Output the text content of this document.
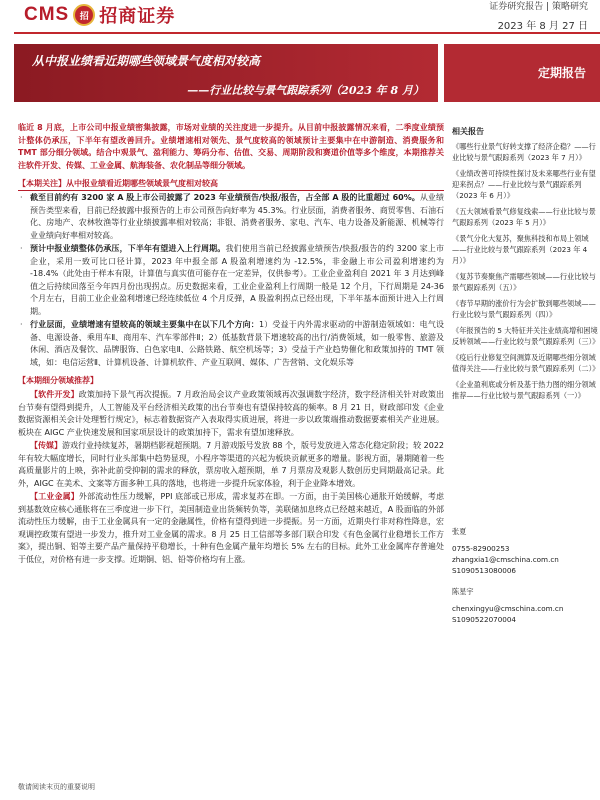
CMS	招 招商证券	证券研究报告 | 策略研究
2023 年 8 月 27 日
从中报业绩看近期哪些领域景气度相对较高
——行业比较与景气跟踪系列（2023 年 8 月）
定期报告
临近 8 月底，上市公司中报业绩密集披露，市场对业绩的关注度进一步提升。从目前中报披露情况来看，二季度业绩预计整体仍承压，下半年有望改善回升。业绩增速相对领先、景气度较高的领域预计主要集中在中游制造、消费服务和 TMT 部分细分领域。结合中观景气、盈利能力、筹码分布、估值、交易、周期阶段和赛道价值等多个维度，本期推荐关注软件开发、传媒、工业金属、航海装备、农化制品等细分领域。
【本期关注】从中报业绩看近期哪些领域景气度相对较高
· 截至目前约有 3200 家 A 股上市公司披露了 2023 年业绩预告/快报/报告，占全部 A 股的比重超过 60%。从业绩预告类型来看，目前已经披露中报预告的上市公司预告向好率为 45.3%。行业层面，消费者服务、商贸零售、石油石化、房地产、农林牧渔等行业业绩披露率相对较高；非银、消费者服务、家电、汽车、电力设备及新能源、机械等行业业绩向好率相对较高。
· 预计中报业绩整体仍承压，下半年有望进入上行周期。我们使用当前已经披露业绩预告/快报/报告的约 3200 家上市企业，采用一致可比口径计算，2023 年中报全部 A 股盈利增速约为 -12.5%，非金融上市公司盈利增速约为 -18.4%（此处由于样本有限，计算值与真实值可能存在一定差异，仅供参考）。工业企业盈利自 2021 年 3 月达到峰值之后持续回落至今年四月份出现拐点。历史数据来看，工业企业盈利上行周期一般是 12 个月，下行周期是 24-36 个月左右，目前工业企业盈利增速已经连续低位 4 个月反弹，A 股盈利拐点已经出现，下半年基本面预计进入上行周期。
· 行业层面，业绩增速有望较高的领域主要集中在以下几个方向：1）受益于内外需求驱动的中游制造领域如：电气设备、电源设备、乘用车Ⅱ、商用车、汽车零部件Ⅱ；2）低基数背景下增速较高的出行/消费领域，如一般零售、旅游及休闲、酒店及餐饮、品牌服饰、白色家电Ⅱ、公路铁路、航空机场等；3）受益于产业趋势催化和政策加持的 TMT 领域，如：电信运营Ⅱ、计算机设备、计算机软件、产业互联网、媒体、广告营销、文化娱乐等
【本期细分领域推荐】
【软件开发】政策加持下景气再次提振。7 月政治局会议产业政策领域再次强调数字经济，数字经济相关针对政策出台节奏有望得到提升，人工智能及平台经济相关政策的出台节奏也有望保持较高的频率。8 月 21 日，财政部印发《企业数据资源相关会计处理暂行规定》，标志着数据资产入表取得实质进展，将进一步以政策端推动数据要素相关产业进展。板块在 AIGC 产业快速发展和国家项层设计的政策加持下，需求有望加速释放。
【传媒】游戏行业持续复苏，暑期档影视超预期。7 月游戏版号发放 88 个，版号发放进入常态化稳定阶段；较 2022 年有较大幅度增长，同时行业头部集中趋势显现，小程序等渠道的兴起为板块贡献更多的增量。影视方面，暑期随着一些高质量影片的上映，弥补此前受抑制的需求的释放，票房收入超预期，单 7 月票房及观影人数创历史同期最高记录。此外，AIGC 在美术、文案等方面多种工具的落地，也将进一步提升玩家体验，利于企业降本增效。
【工业金属】外部流动性压力缓解，PPI 底部或已形成，需求复苏在即。一方面，由于美国核心通胀开始缓解，考虑到基数效应核心通胀将在三季度进一步下行，美国制造业出货频转负等，美联储加息终点已经越来越近，A 股面临的外部流动性压力缓解，由于工业金属具有一定的金融属性，价格有望得到进一步提振。另一方面，近期央行非对称性降息，宏观调控政策有望进一步发力，推升对工业金属的需求。8 月 25 日工信部等多部门联合印发《有色金属行业稳增长工作方案》，提出铜、铝等主要产品产量保持平稳增长，十种有色金属产量年均增长 5% 左右的目标。此外工业金属库存普遍处于低位，对价格有进一步支撑。近期铜、铝、铅等价格均有上涨。
相关报告
《哪些行业景气好转支撑了经济企稳？——行业比较与景气跟踪系列（2023 年 7 月）》
《业绩改善可持续性探讨及未来哪些行业有望迎来拐点？——行业比较与景气跟踪系列（2023 年 6 月）》
《五大领域看景气修复线索——行业比较与景气跟踪系列（2023 年 5 月）》
《景气分化大复苏，聚焦科技和布局上领域——行业比较与景气跟踪系列（2023 年 4 月）》
《复苏节奏聚焦产需哪些领域——行业比较与景气跟踪系列（五）》
《春节早期的涨价行为会扩散到哪些领域——行业比较与景气跟踪系列（四）》
《年报预告的 5 大特征并关注业绩高增和困境反转领域——行业比较与景气跟踪系列（三）》
《疫后行业修复空间测算及近期哪些细分领域值得关注——行业比较与景气跟踪系列（二）》
《企业盈利底或分析及基于热力图的细分领域推荐——行业比较与景气跟踪系列（一）》
张夏
0755-82900253
zhangxia1@cmschina.com.cn
S1090513080006
陈星宇
chenxingyu@cmschina.com.cn
S1090522070004
敬请阅读末页的重要说明
